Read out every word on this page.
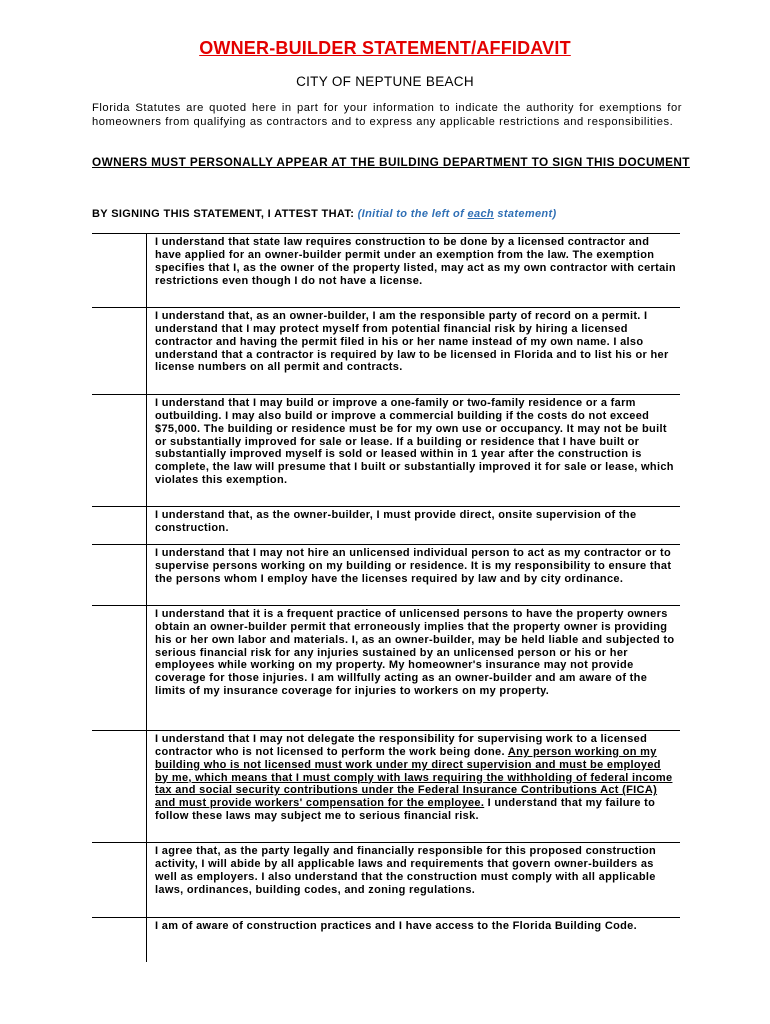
OWNER-BUILDER STATEMENT/AFFIDAVIT
CITY OF NEPTUNE BEACH
Florida Statutes are quoted here in part for your information to indicate the authority for exemptions for homeowners from qualifying as contractors and to express any applicable restrictions and responsibilities.
OWNERS MUST PERSONALLY APPEAR AT THE BUILDING DEPARTMENT TO SIGN THIS DOCUMENT
BY SIGNING THIS STATEMENT, I ATTEST THAT: (Initial to the left of each statement)
I understand that state law requires construction to be done by a licensed contractor and have applied for an owner-builder permit under an exemption from the law. The exemption specifies that I, as the owner of the property listed, may act as my own contractor with certain restrictions even though I do not have a license.
I understand that, as an owner-builder, I am the responsible party of record on a permit. I understand that I may protect myself from potential financial risk by hiring a licensed contractor and having the permit filed in his or her name instead of my own name. I also understand that a contractor is required by law to be licensed in Florida and to list his or her license numbers on all permit and contracts.
I understand that I may build or improve a one-family or two-family residence or a farm outbuilding. I may also build or improve a commercial building if the costs do not exceed $75,000. The building or residence must be for my own use or occupancy. It may not be built or substantially improved for sale or lease. If a building or residence that I have built or substantially improved myself is sold or leased within in 1 year after the construction is complete, the law will presume that I built or substantially improved it for sale or lease, which violates this exemption.
I understand that, as the owner-builder, I must provide direct, onsite supervision of the construction.
I understand that I may not hire an unlicensed individual person to act as my contractor or to supervise persons working on my building or residence. It is my responsibility to ensure that the persons whom I employ have the licenses required by law and by city ordinance.
I understand that it is a frequent practice of unlicensed persons to have the property owners obtain an owner-builder permit that erroneously implies that the property owner is providing his or her own labor and materials. I, as an owner-builder, may be held liable and subjected to serious financial risk for any injuries sustained by an unlicensed person or his or her employees while working on my property. My homeowner's insurance may not provide coverage for those injuries. I am willfully acting as an owner-builder and am aware of the limits of my insurance coverage for injuries to workers on my property.
I understand that I may not delegate the responsibility for supervising work to a licensed contractor who is not licensed to perform the work being done. Any person working on my building who is not licensed must work under my direct supervision and must be employed by me, which means that I must comply with laws requiring the withholding of federal income tax and social security contributions under the Federal Insurance Contributions Act (FICA) and must provide workers' compensation for the employee. I understand that my failure to follow these laws may subject me to serious financial risk.
I agree that, as the party legally and financially responsible for this proposed construction activity, I will abide by all applicable laws and requirements that govern owner-builders as well as employers. I also understand that the construction must comply with all applicable laws, ordinances, building codes, and zoning regulations.
I am of aware of construction practices and I have access to the Florida Building Code.
